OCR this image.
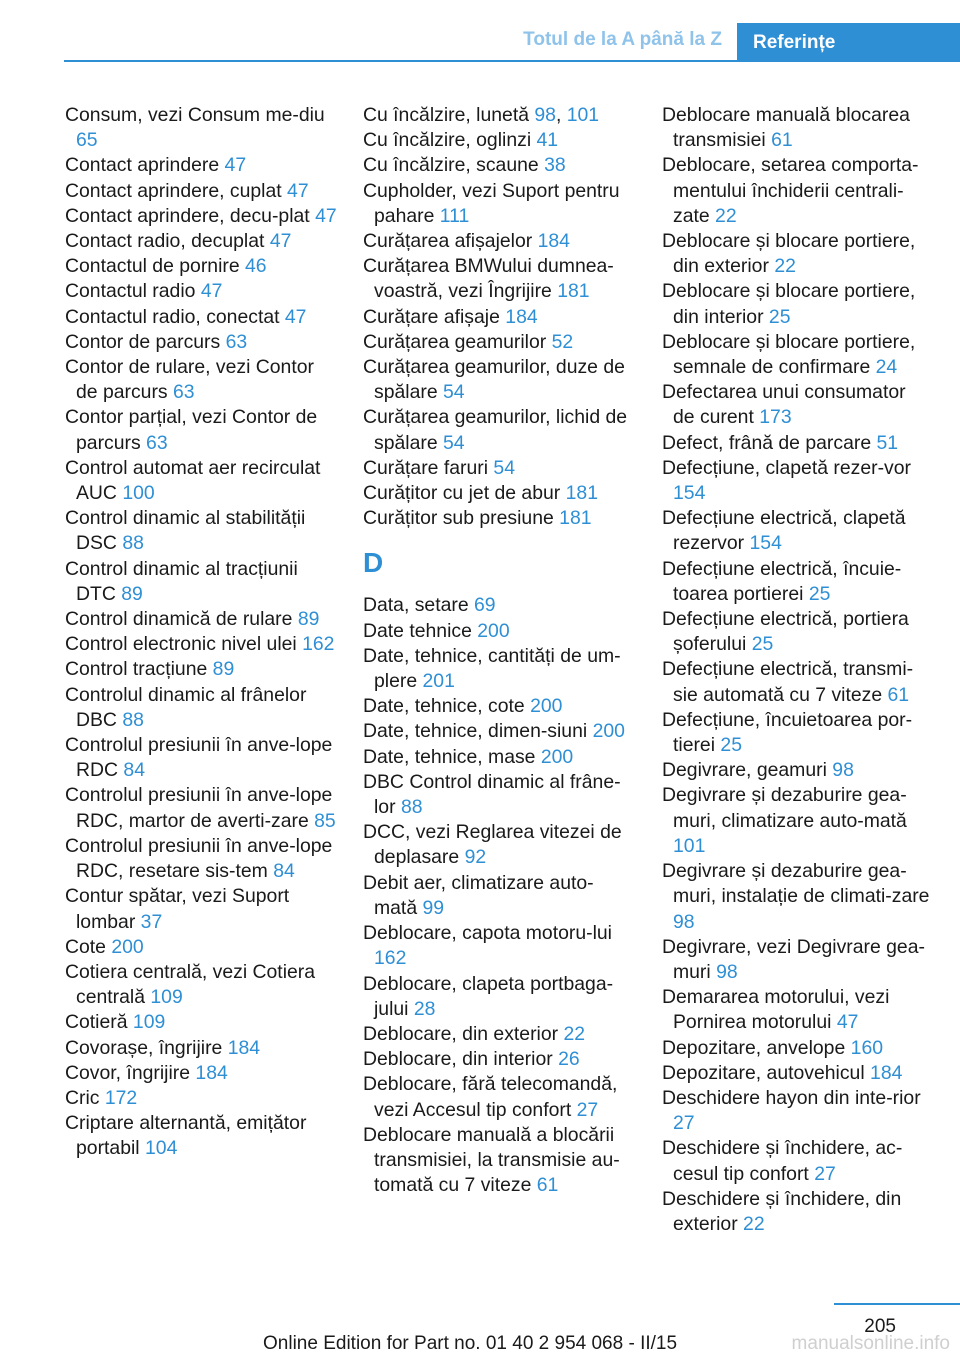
Totul de la A până la Z	Referințe
Consum, vezi Consum me‐diu 65
Contact aprindere 47
Contact aprindere, cuplat 47
Contact aprindere, decu‐plat 47
Contact radio, decuplat 47
Contactul de pornire 46
Contactul radio 47
Contactul radio, conectat 47
Contor de parcurs 63
Contor de rulare, vezi Contor de parcurs 63
Contor parțial, vezi Contor de parcurs 63
Control automat aer recirculat AUC 100
Control dinamic al stabilității DSC 88
Control dinamic al tracțiunii DTC 89
Control dinamică de rulare 89
Control electronic nivel ulei 162
Control tracțiune 89
Controlul dinamic al frânelor DBC 88
Controlul presiunii în anve‐lope RDC 84
Controlul presiunii în anve‐lope RDC, martor de averti‐zare 85
Controlul presiunii în anve‐lope RDC, resetare sis‐tem 84
Contur spătar, vezi Suport lombar 37
Cote 200
Cotiera centrală, vezi Cotiera centrală 109
Cotieră 109
Covorașe, îngrijire 184
Covor, îngrijire 184
Cric 172
Criptare alternantă, emițător portabil 104
Cu încălzire, lunetă 98, 101
Cu încălzire, oglinzi 41
Cu încălzire, scaune 38
Cupholder, vezi Suport pentru pahare 111
Curățarea afișajelor 184
Curățarea BMWului dumnea‐voastră, vezi Îngrijire 181
Curățare afișaje 184
Curățarea geamurilor 52
Curățarea geamurilor, duze de spălare 54
Curățarea geamurilor, lichid de spălare 54
Curățare faruri 54
Curățitor cu jet de abur 181
Curățitor sub presiune 181
D
Data, setare 69
Date tehnice 200
Date, tehnice, cantități de um‐plere 201
Date, tehnice, cote 200
Date, tehnice, dimen‐siuni 200
Date, tehnice, mase 200
DBC Control dinamic al frâne‐lor 88
DCC, vezi Reglarea vitezei de deplasare 92
Debit aer, climatizare auto‐mată 99
Deblocare, capota motoru‐lui 162
Deblocare, clapeta portbaga‐jului 28
Deblocare, din exterior 22
Deblocare, din interior 26
Deblocare, fără telecomandă, vezi Accesul tip confort 27
Deblocare manuală a blocării transmisiei, la transmisie au‐tomată cu 7 viteze 61
Deblocare manuală blocarea transmisiei 61
Deblocare, setarea comporta‐mentului închiderii centrali‐zate 22
Deblocare și blocare portiere, din exterior 22
Deblocare și blocare portiere, din interior 25
Deblocare și blocare portiere, semnale de confirmare 24
Defectarea unui consumator de curent 173
Defect, frână de parcare 51
Defecțiune, clapetă rezer‐vor 154
Defecțiune electrică, clapetă rezervor 154
Defecțiune electrică, încuie‐toarea portierei 25
Defecțiune electrică, portiera șoferului 25
Defecțiune electrică, transmi‐sie automată cu 7 viteze 61
Defecțiune, încuietoarea por‐tierei 25
Degivrare, geamuri 98
Degivrare și dezaburire gea‐muri, climatizare auto‐mată 101
Degivrare și dezaburire gea‐muri, instalație de climati‐zare 98
Degivrare, vezi Degivrare gea‐muri 98
Demararea motorului, vezi Pornirea motorului 47
Depozitare, anvelope 160
Depozitare, autovehicul 184
Deschidere hayon din inte‐rior 27
Deschidere și închidere, ac‐cesul tip confort 27
Deschidere și închidere, din exterior 22
205
Online Edition for Part no. 01 40 2 954 068 - II/15	manualsonline.info
